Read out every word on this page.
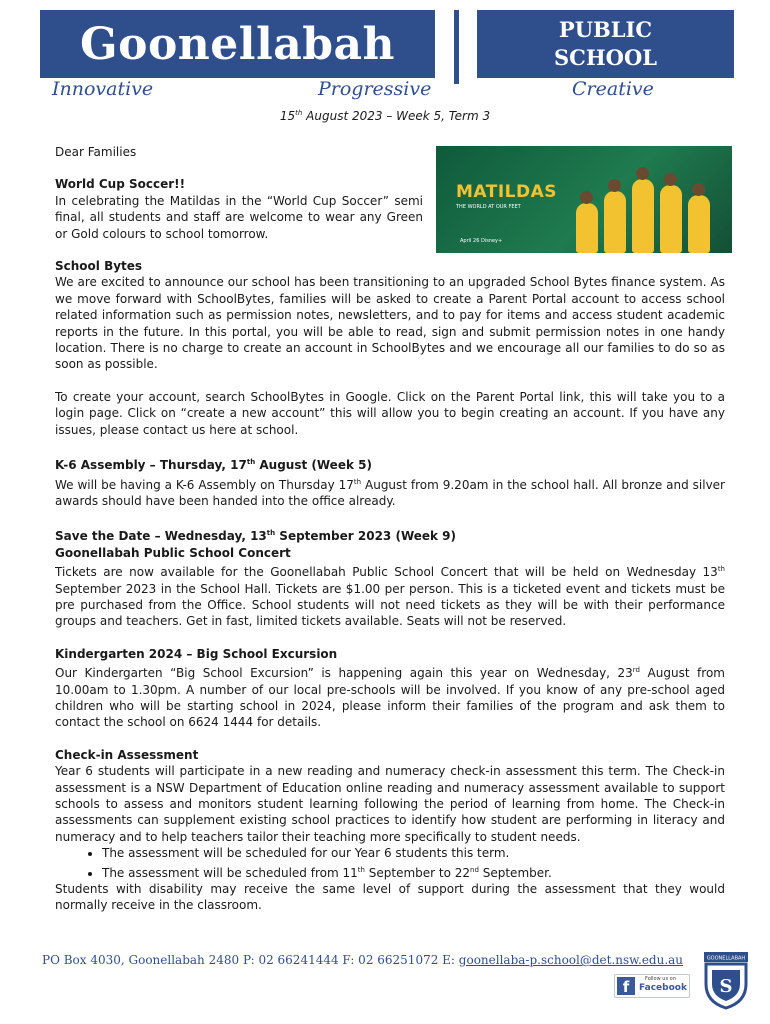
Goonellabah	PUBLIC
SCHOOL
Innovative	Progressive	Creative
15th August 2023 – Week 5, Term 3
MATILDAS
THE WORLD AT OUR FEET
April 26 Disney+

Dear Families

World Cup Soccer!!

In celebrating the Matildas in the “World Cup Soccer” semi final, all students and staff are welcome to wear any Green or Gold colours to school tomorrow.

School Bytes

We are excited to announce our school has been transitioning to an upgraded School Bytes finance system. As we move forward with SchoolBytes, families will be asked to create a Parent Portal account to access school related information such as permission notes, newsletters, and to pay for items and access student academic reports in the future. In this portal, you will be able to read, sign and submit permission notes in one handy location. There is no charge to create an account in SchoolBytes and we encourage all our families to do so as soon as possible.

To create your account, search SchoolBytes in Google. Click on the Parent Portal link, this will take you to a login page. Click on “create a new account” this will allow you to begin creating an account. If you have any issues, please contact us here at school.

K-6 Assembly – Thursday, 17th August (Week 5)

We will be having a K-6 Assembly on Thursday 17th August from 9.20am in the school hall. All bronze and silver awards should have been handed into the office already.

Save the Date – Wednesday, 13th September 2023 (Week 9)

Goonellabah Public School Concert

Tickets are now available for the Goonellabah Public School Concert that will be held on Wednesday 13th September 2023 in the School Hall. Tickets are $1.00 per person. This is a ticketed event and tickets must be pre purchased from the Office. School students will not need tickets as they will be with their performance groups and teachers. Get in fast, limited tickets available. Seats will not be reserved.

Kindergarten 2024 – Big School Excursion

Our Kindergarten “Big School Excursion” is happening again this year on Wednesday, 23rd August from 10.00am to 1.30pm. A number of our local pre-schools will be involved. If you know of any pre-school aged children who will be starting school in 2024, please inform their families of the program and ask them to contact the school on 6624 1444 for details.

Check-in Assessment

Year 6 students will participate in a new reading and numeracy check-in assessment this term. The Check-in assessment is a NSW Department of Education online reading and numeracy assessment available to support schools to assess and monitors student learning following the period of learning from home. The Check-in assessments can supplement existing school practices to identify how student are performing in literacy and numeracy and to help teachers tailor their teaching more specifically to student needs.

• The assessment will be scheduled for our Year 6 students this term.
• The assessment will be scheduled from 11th September to 22nd September.

Students with disability may receive the same level of support during the assessment that they would normally receive in the classroom.

PO Box 4030, Goonellabah 2480 P: 02 66241444 F: 02 66251072 E: goonellaba-p.school@det.nsw.edu.au
f	Follow us on
Facebook
GOONELLABAH
S
